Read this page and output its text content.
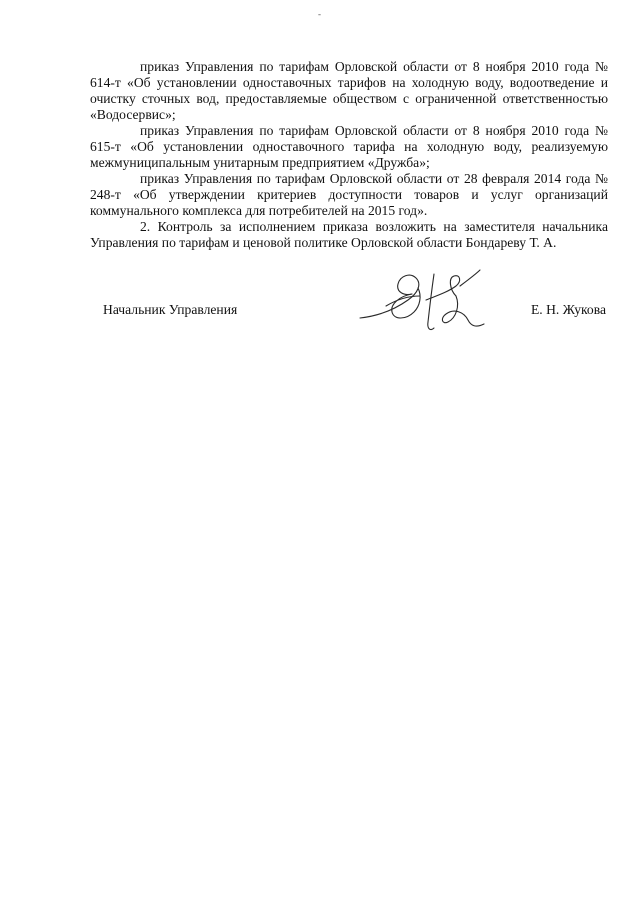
-

приказ Управления по тарифам Орловской области от 8 ноября 2010 года № 614-т «Об установлении одноставочных тарифов на холодную воду, водоотведение и очистку сточных вод, предоставляемые обществом с ограниченной ответственностью «Водосервис»;

приказ Управления по тарифам Орловской области от 8 ноября 2010 года № 615-т «Об установлении одноставочного тарифа на холодную воду, реализуемую межмуниципальным унитарным предприятием «Дружба»;

приказ Управления по тарифам Орловской области от 28 февраля 2014 года № 248-т «Об утверждении критериев доступности товаров и услуг организаций коммунального комплекса для потребителей на 2015 год».

2. Контроль за исполнением приказа возложить на заместителя начальника Управления по тарифам и ценовой политике Орловской области Бондареву Т. А.

Начальник Управления	Е. Н. Жукова
